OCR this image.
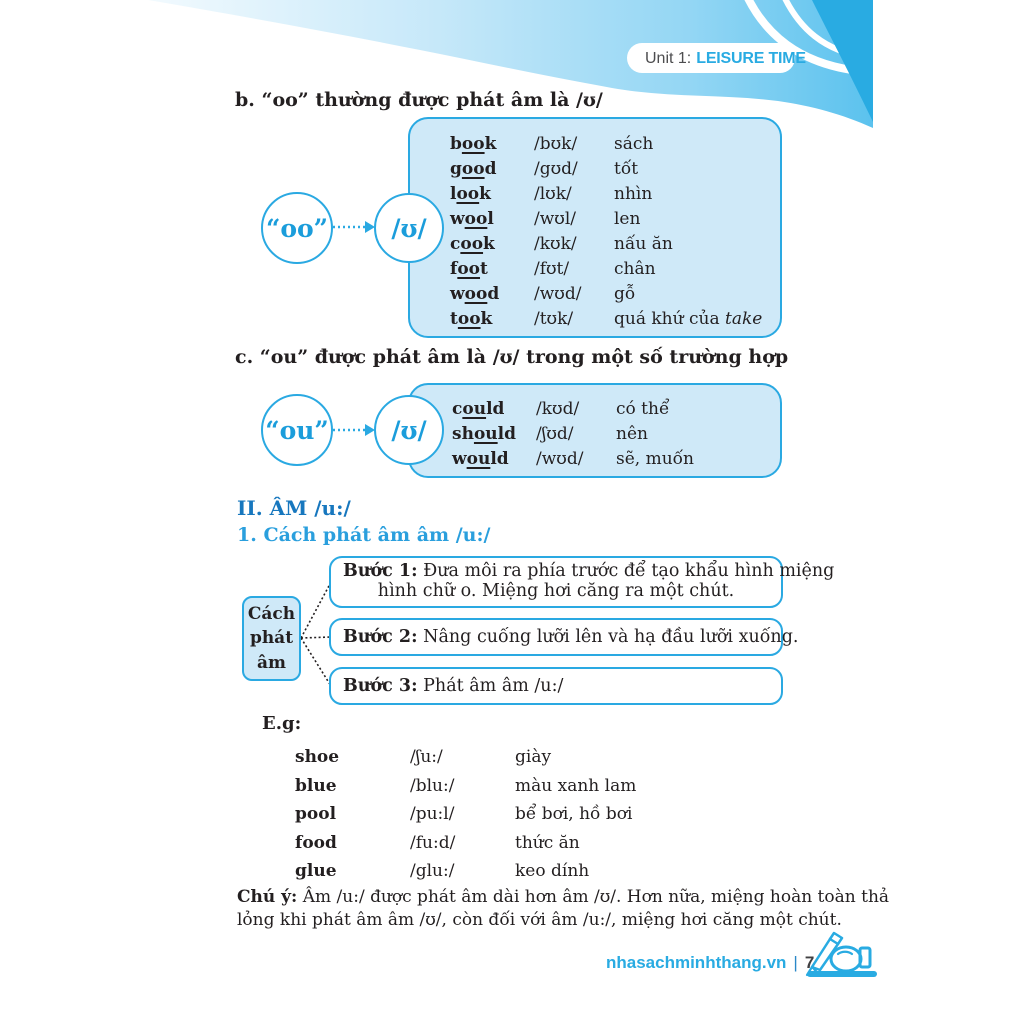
Unit 1: LEISURE TIME
b. “oo” thường được phát âm là /ʊ/
book	/bʊk/	sách
good	/gʊd/	tốt
look	/lʊk/	nhìn
wool	/wʊl/	len
cook	/kʊk/	nấu ăn
foot	/fʊt/	chân
wood	/wʊd/	gỗ
took	/tʊk/	quá khứ của take
“oo”	/ʊ/
c. “ou” được phát âm là /ʊ/ trong một số trường hợp
could	/kʊd/	có thể
should	/ʃʊd/	nên
would	/wʊd/	sẽ, muốn
“ou”	/ʊ/
II. ÂM /u:/
1. Cách phát âm âm /u:/
Cách phát âm
Bước 1: Đưa môi ra phía trước để tạo khẩu hình miệng
hình chữ o. Miệng hơi căng ra một chút.
Bước 2: Nâng cuống lưỡi lên và hạ đầu lưỡi xuống.
Bước 3: Phát âm âm /u:/
E.g:
shoe	/ʃu:/	giày
blue	/blu:/	màu xanh lam
pool	/pu:l/	bể bơi, hồ bơi
food	/fu:d/	thức ăn
glue	/glu:/	keo dính
Chú ý: Âm /u:/ được phát âm dài hơn âm /ʊ/. Hơn nữa, miệng hoàn toàn thả
lỏng khi phát âm âm /ʊ/, còn đối với âm /u:/, miệng hơi căng một chút.
nhasachminhthang.vn | 7
